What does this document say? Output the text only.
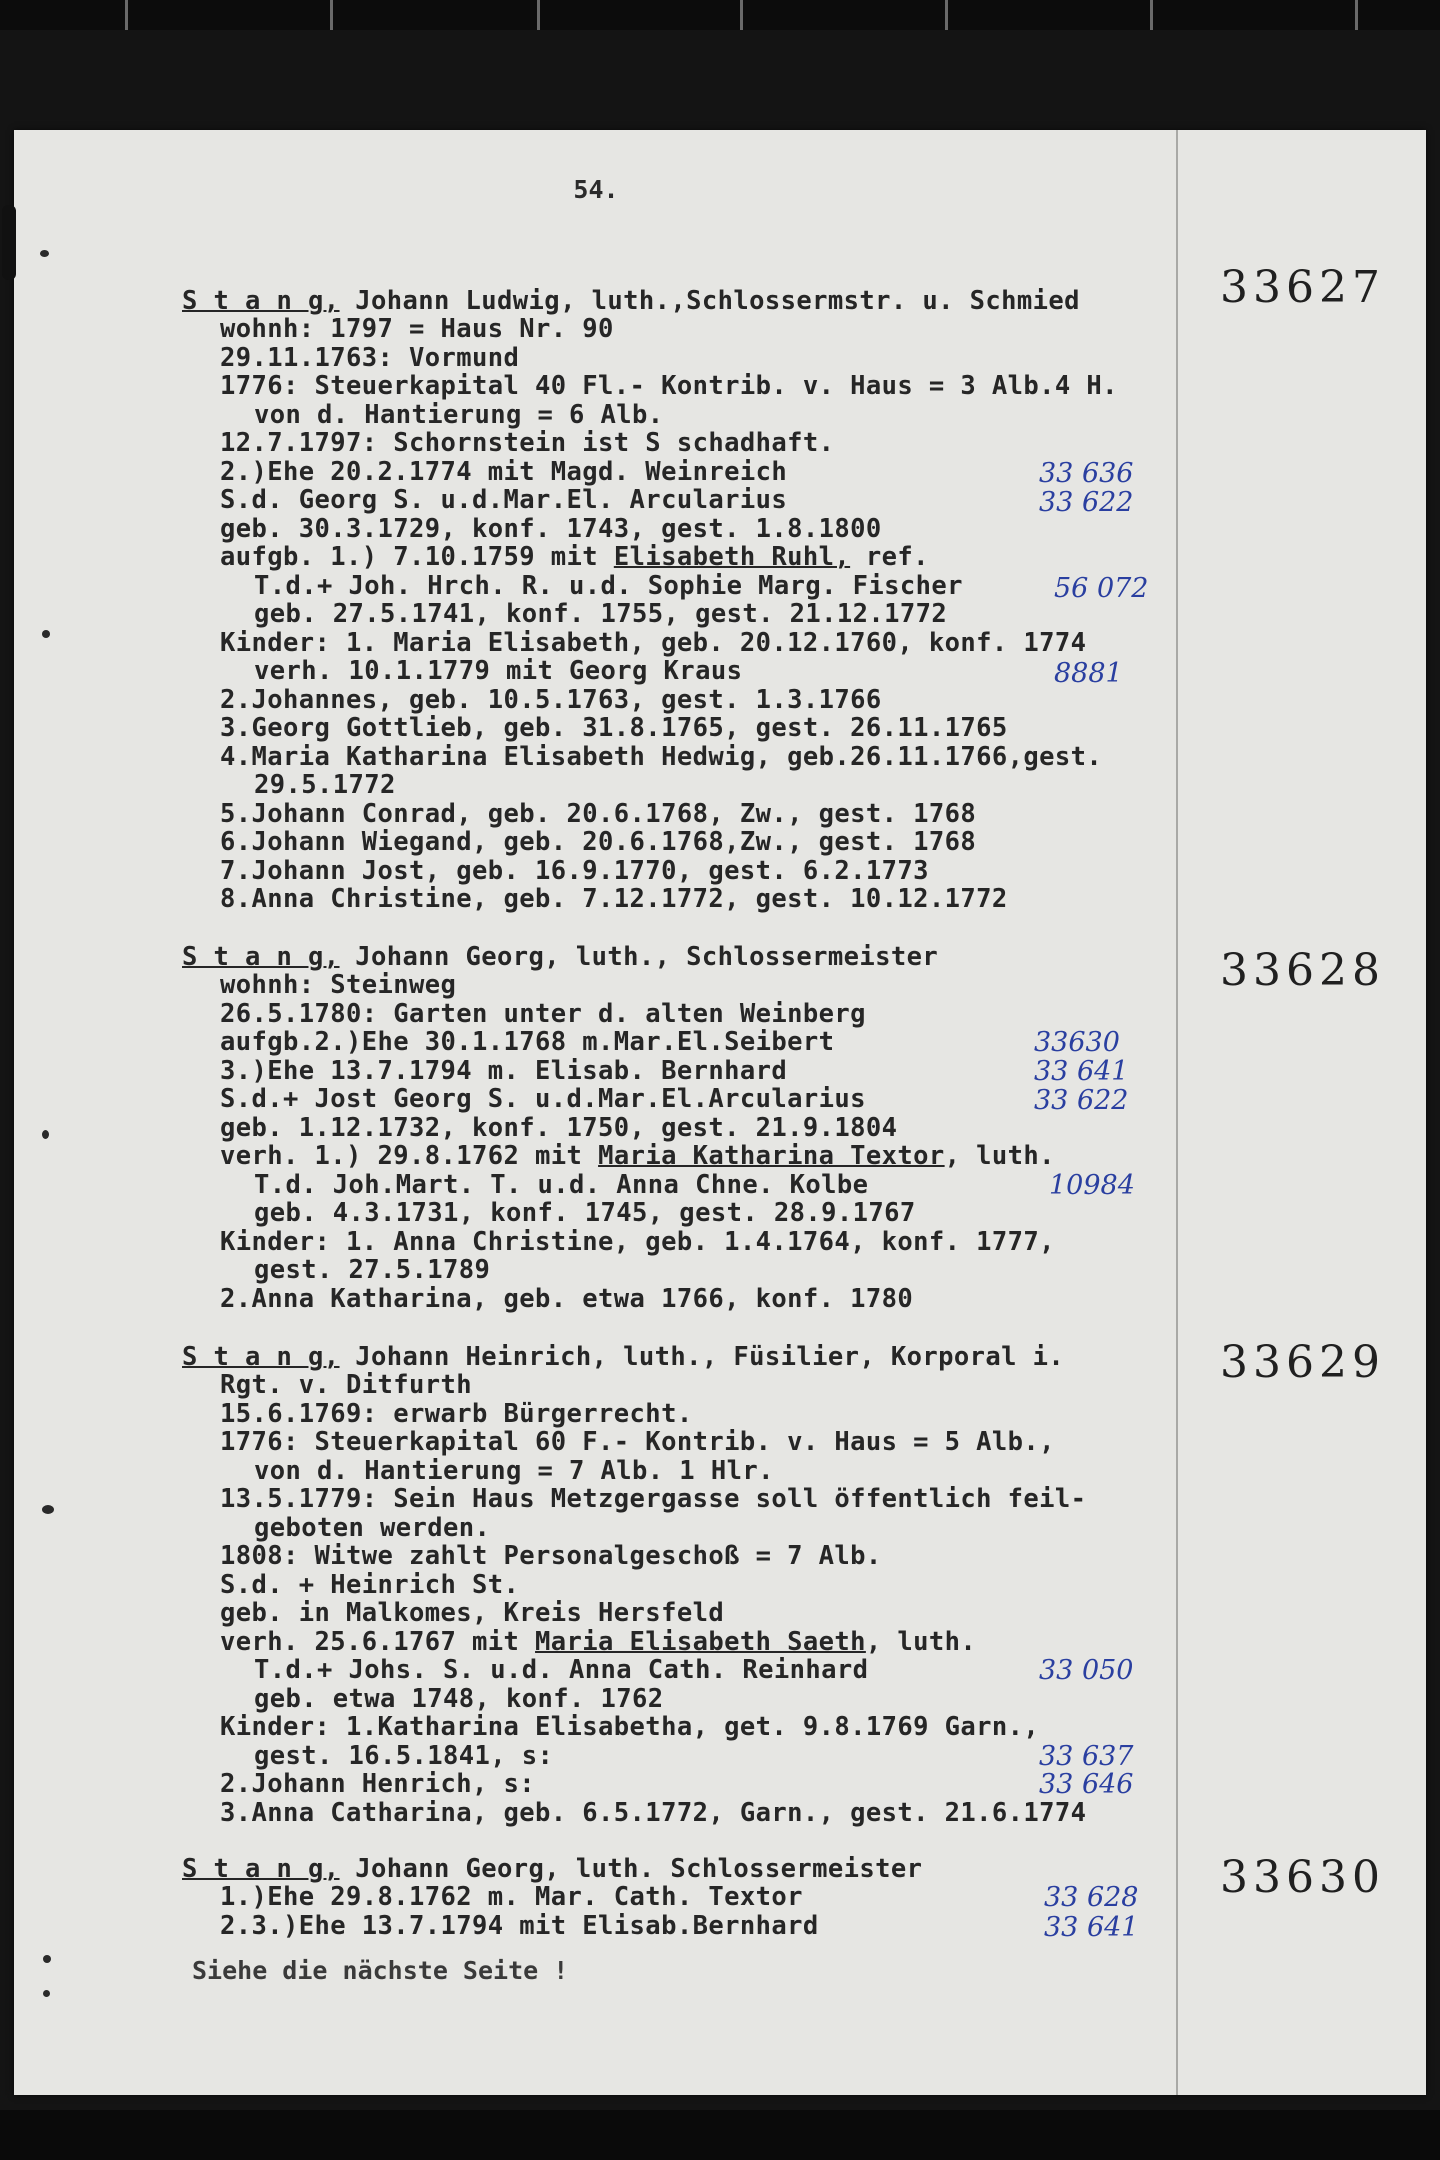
54.
33627
S t a n g, Johann Ludwig, luth.,Schlossermstr. u. Schmied
wohnh: 1797 = Haus Nr. 90
29.11.1763: Vormund
1776: Steuerkapital 40 Fl.- Kontrib. v. Haus = 3 Alb.4 H.
von d. Hantierung = 6 Alb.
12.7.1797: Schornstein ist S schadhaft.
2.)Ehe 20.2.1774 mit Magd. Weinreich
S.d. Georg S. u.d.Mar.El. Arcularius
geb. 30.3.1729, konf. 1743, gest. 1.8.1800
aufgb. 1.) 7.10.1759 mit Elisabeth Ruhl, ref.
T.d.+ Joh. Hrch. R. u.d. Sophie Marg. Fischer
geb. 27.5.1741, konf. 1755, gest. 21.12.1772
Kinder: 1. Maria Elisabeth, geb. 20.12.1760, konf. 1774
verh. 10.1.1779 mit Georg Kraus
2.Johannes, geb. 10.5.1763, gest. 1.3.1766
3.Georg Gottlieb, geb. 31.8.1765, gest. 26.11.1765
4.Maria Katharina Elisabeth Hedwig, geb.26.11.1766,gest.
29.5.1772
5.Johann Conrad, geb. 20.6.1768, Zw., gest. 1768
6.Johann Wiegand, geb. 20.6.1768,Zw., gest. 1768
7.Johann Jost, geb. 16.9.1770, gest. 6.2.1773
8.Anna Christine, geb. 7.12.1772, gest. 10.12.1772
33 636
33 622
56 072
8881
33628
S t a n g, Johann Georg, luth., Schlossermeister
wohnh: Steinweg
26.5.1780: Garten unter d. alten Weinberg
aufgb.2.)Ehe 30.1.1768 m.Mar.El.Seibert
3.)Ehe 13.7.1794 m. Elisab. Bernhard
S.d.+ Jost Georg S. u.d.Mar.El.Arcularius
geb. 1.12.1732, konf. 1750, gest. 21.9.1804
verh. 1.) 29.8.1762 mit Maria Katharina Textor, luth.
T.d. Joh.Mart. T. u.d. Anna Chne. Kolbe
geb. 4.3.1731, konf. 1745, gest. 28.9.1767
Kinder: 1. Anna Christine, geb. 1.4.1764, konf. 1777,
gest. 27.5.1789
2.Anna Katharina, geb. etwa 1766, konf. 1780
33630
33 641
33 622
10984
33629
S t a n g, Johann Heinrich, luth., Füsilier, Korporal i.
Rgt. v. Ditfurth
15.6.1769: erwarb Bürgerrecht.
1776: Steuerkapital 60 F.- Kontrib. v. Haus = 5 Alb.,
von d. Hantierung = 7 Alb. 1 Hlr.
13.5.1779: Sein Haus Metzgergasse soll öffentlich feil-
geboten werden.
1808: Witwe zahlt Personalgeschoß = 7 Alb.
S.d. + Heinrich St.
geb. in Malkomes, Kreis Hersfeld
verh. 25.6.1767 mit Maria Elisabeth Saeth, luth.
T.d.+ Johs. S. u.d. Anna Cath. Reinhard
geb. etwa 1748, konf. 1762
Kinder: 1.Katharina Elisabetha, get. 9.8.1769 Garn.,
gest. 16.5.1841, s:
2.Johann Henrich, s:
3.Anna Catharina, geb. 6.5.1772, Garn., gest. 21.6.1774
33 050
33 637
33 646
33630
S t a n g, Johann Georg, luth. Schlossermeister
1.)Ehe 29.8.1762 m. Mar. Cath. Textor
2.3.)Ehe 13.7.1794 mit Elisab.Bernhard
33 628
33 641
Siehe die nächste Seite !
